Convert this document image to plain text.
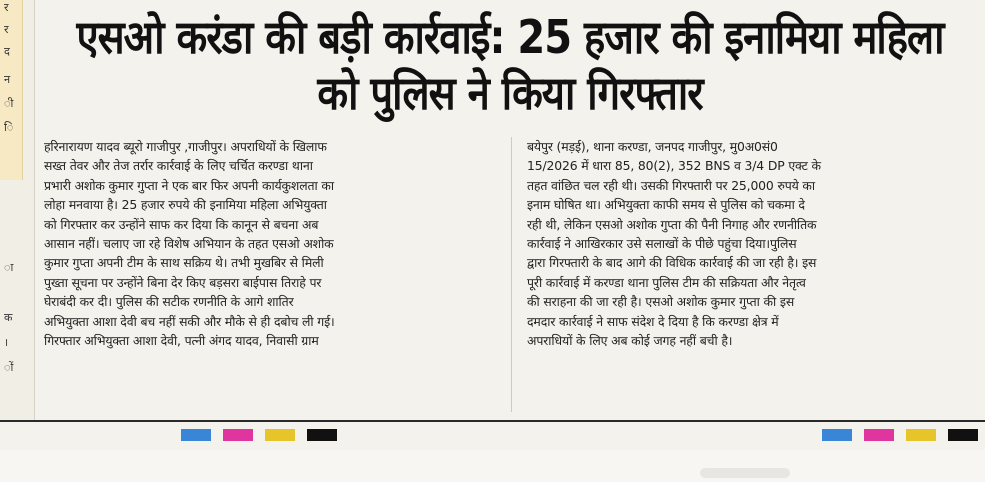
र
र
द
न
ी
ि
ा
क
।
ों
एसओ करंडा की बड़ी कार्रवाई: 25 हजार की इनामिया महिला
को पुलिस ने किया गिरफ्तार
हरिनारायण यादव ब्यूरो गाजीपुर ,गाजीपुर। अपराधियों के खिलाफ
सख्त तेवर और तेज तर्रार कार्रवाई के लिए चर्चित करण्डा थाना
प्रभारी अशोक कुमार गुप्ता ने एक बार फिर अपनी कार्यकुशलता का
लोहा मनवाया है। 25 हजार रुपये की इनामिया महिला अभियुक्ता
को गिरफ्तार कर उन्होंने साफ कर दिया कि कानून से बचना अब
आसान नहीं। चलाए जा रहे विशेष अभियान के तहत एसओ अशोक
कुमार गुप्ता अपनी टीम के साथ सक्रिय थे। तभी मुखबिर से मिली
पुख्ता सूचना पर उन्होंने बिना देर किए बड़सरा बाईपास तिराहे पर
घेराबंदी कर दी। पुलिस की सटीक रणनीति के आगे शातिर
अभियुक्ता आशा देवी बच नहीं सकी और मौके से ही दबोच ली गई।
गिरफ्तार अभियुक्ता आशा देवी, पत्नी अंगद यादव, निवासी ग्राम
बयेपुर (मड़ई), थाना करण्डा, जनपद गाजीपुर, मु0अ0सं0
15/2026 में धारा 85, 80(2), 352 BNS व 3/4 DP एक्ट के
तहत वांछित चल रही थी। उसकी गिरफ्तारी पर 25,000 रुपये का
इनाम घोषित था। अभियुक्ता काफी समय से पुलिस को चकमा दे
रही थी, लेकिन एसओ अशोक गुप्ता की पैनी निगाह और रणनीतिक
कार्रवाई ने आखिरकार उसे सलाखों के पीछे पहुंचा दिया।पुलिस
द्वारा गिरफ्तारी के बाद आगे की विधिक कार्रवाई की जा रही है। इस
पूरी कार्रवाई में करण्डा थाना पुलिस टीम की सक्रियता और नेतृत्व
की सराहना की जा रही है। एसओ अशोक कुमार गुप्ता की इस
दमदार कार्रवाई ने साफ संदेश दे दिया है कि करण्डा क्षेत्र में
अपराधियों के लिए अब कोई जगह नहीं बची है।
